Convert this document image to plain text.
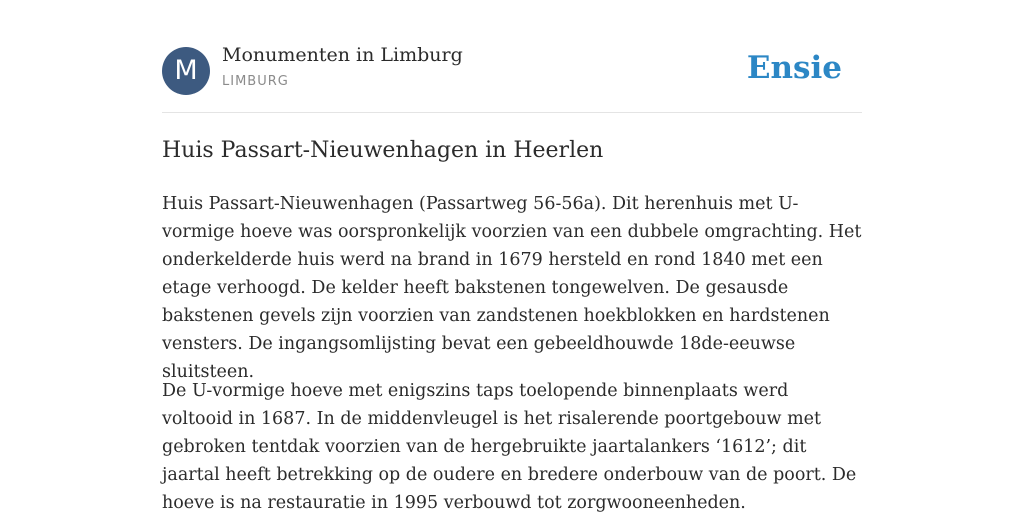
M	Monumenten in Limburg
LIMBURG	Ensie
Huis Passart-Nieuwenhagen in Heerlen

Huis Passart-Nieuwenhagen (Passartweg 56-56a). Dit herenhuis met U-vormige hoeve was oorspronkelijk voorzien van een dubbele omgrachting. Het onderkelderde huis werd na brand in 1679 hersteld en rond 1840 met een etage verhoogd. De kelder heeft bakstenen tongewelven. De gesausde bakstenen gevels zijn voorzien van zandstenen hoekblokken en hardstenen vensters. De ingangsomlijsting bevat een gebeeldhouwde 18de-eeuwse sluitsteen.

De U-vormige hoeve met enigszins taps toelopende binnenplaats werd voltooid in 1687. In de middenvleugel is het risalerende poortgebouw met gebroken tentdak voorzien van de hergebruikte jaartalankers ‘1612’; dit jaartal heeft betrekking op de oudere en bredere onderbouw van de poort. De hoeve is na restauratie in 1995 verbouwd tot zorgwooneenheden.
